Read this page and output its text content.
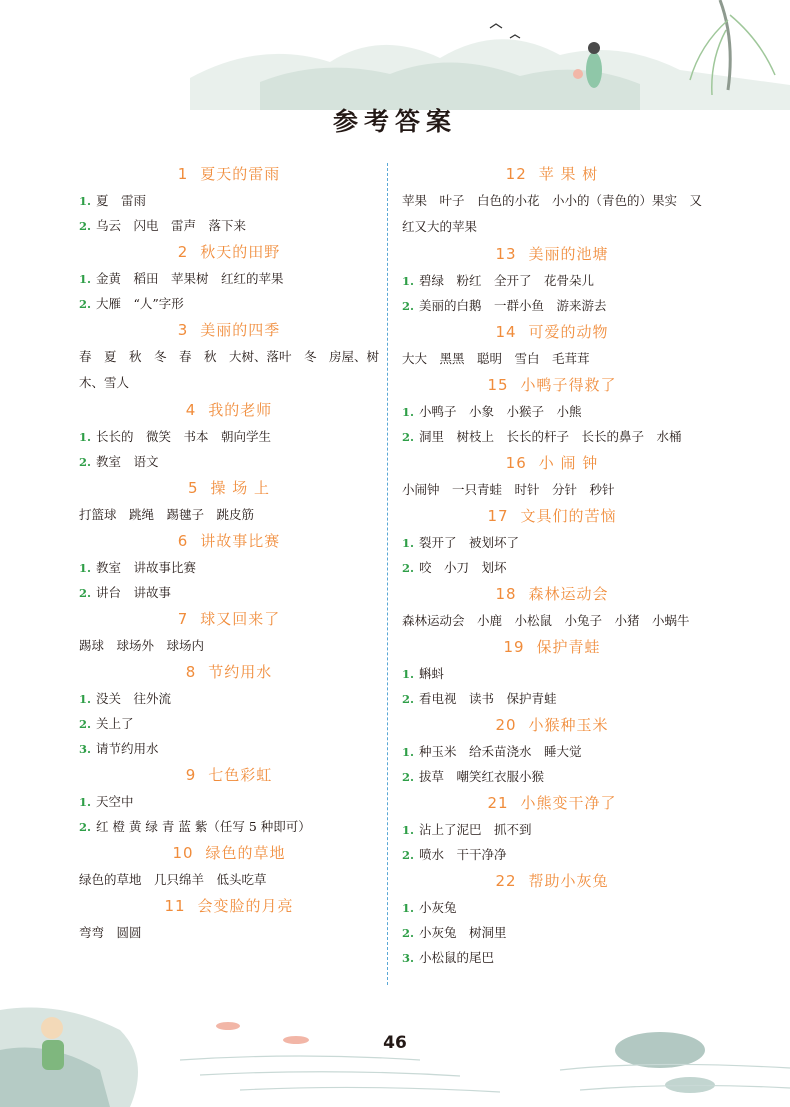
参考答案
1 夏天的雷雨
1. 夏　雷雨
2. 乌云　闪电　雷声　落下来
2 秋天的田野
1. 金黄　稻田　苹果树　红红的苹果
2. 大雁　“人”字形
3 美丽的四季
春　夏　秋　冬　春　秋　大树、落叶　冬　房屋、树木、雪人
4 我的老师
1. 长长的　微笑　书本　朝向学生
2. 教室　语文
5 操 场 上
打篮球　跳绳　踢毽子　跳皮筋
6 讲故事比赛
1. 教室　讲故事比赛
2. 讲台　讲故事
7 球又回来了
踢球　球场外　球场内
8 节约用水
1. 没关　往外流
2. 关上了
3. 请节约用水
9 七色彩虹
1. 天空中
2. 红 橙 黄 绿 青 蓝 紫（任写 5 种即可）
10 绿色的草地
绿色的草地　几只绵羊　低头吃草
11 会变脸的月亮
弯弯　圆圆
12 苹 果 树
苹果　叶子　白色的小花　小小的（青色的）果实　又红又大的苹果
13 美丽的池塘
1. 碧绿　粉红　全开了　花骨朵儿
2. 美丽的白鹅　一群小鱼　游来游去
14 可爱的动物
大大　黑黑　聪明　雪白　毛茸茸
15 小鸭子得救了
1. 小鸭子　小象　小猴子　小熊
2. 洞里　树枝上　长长的杆子　长长的鼻子　水桶
16 小 闹 钟
小闹钟　一只青蛙　时针　分针　秒针
17 文具们的苦恼
1. 裂开了　被划坏了
2. 咬　小刀　划坏
18 森林运动会
森林运动会　小鹿　小松鼠　小兔子　小猪　小蜗牛
19 保护青蛙
1. 蝌蚪
2. 看电视　读书　保护青蛙
20 小猴种玉米
1. 种玉米　给禾苗浇水　睡大觉
2. 拔草　嘲笑红衣服小猴
21 小熊变干净了
1. 沾上了泥巴　抓不到
2. 喷水　干干净净
22 帮助小灰兔
1. 小灰兔
2. 小灰兔　树洞里
3. 小松鼠的尾巴
46
